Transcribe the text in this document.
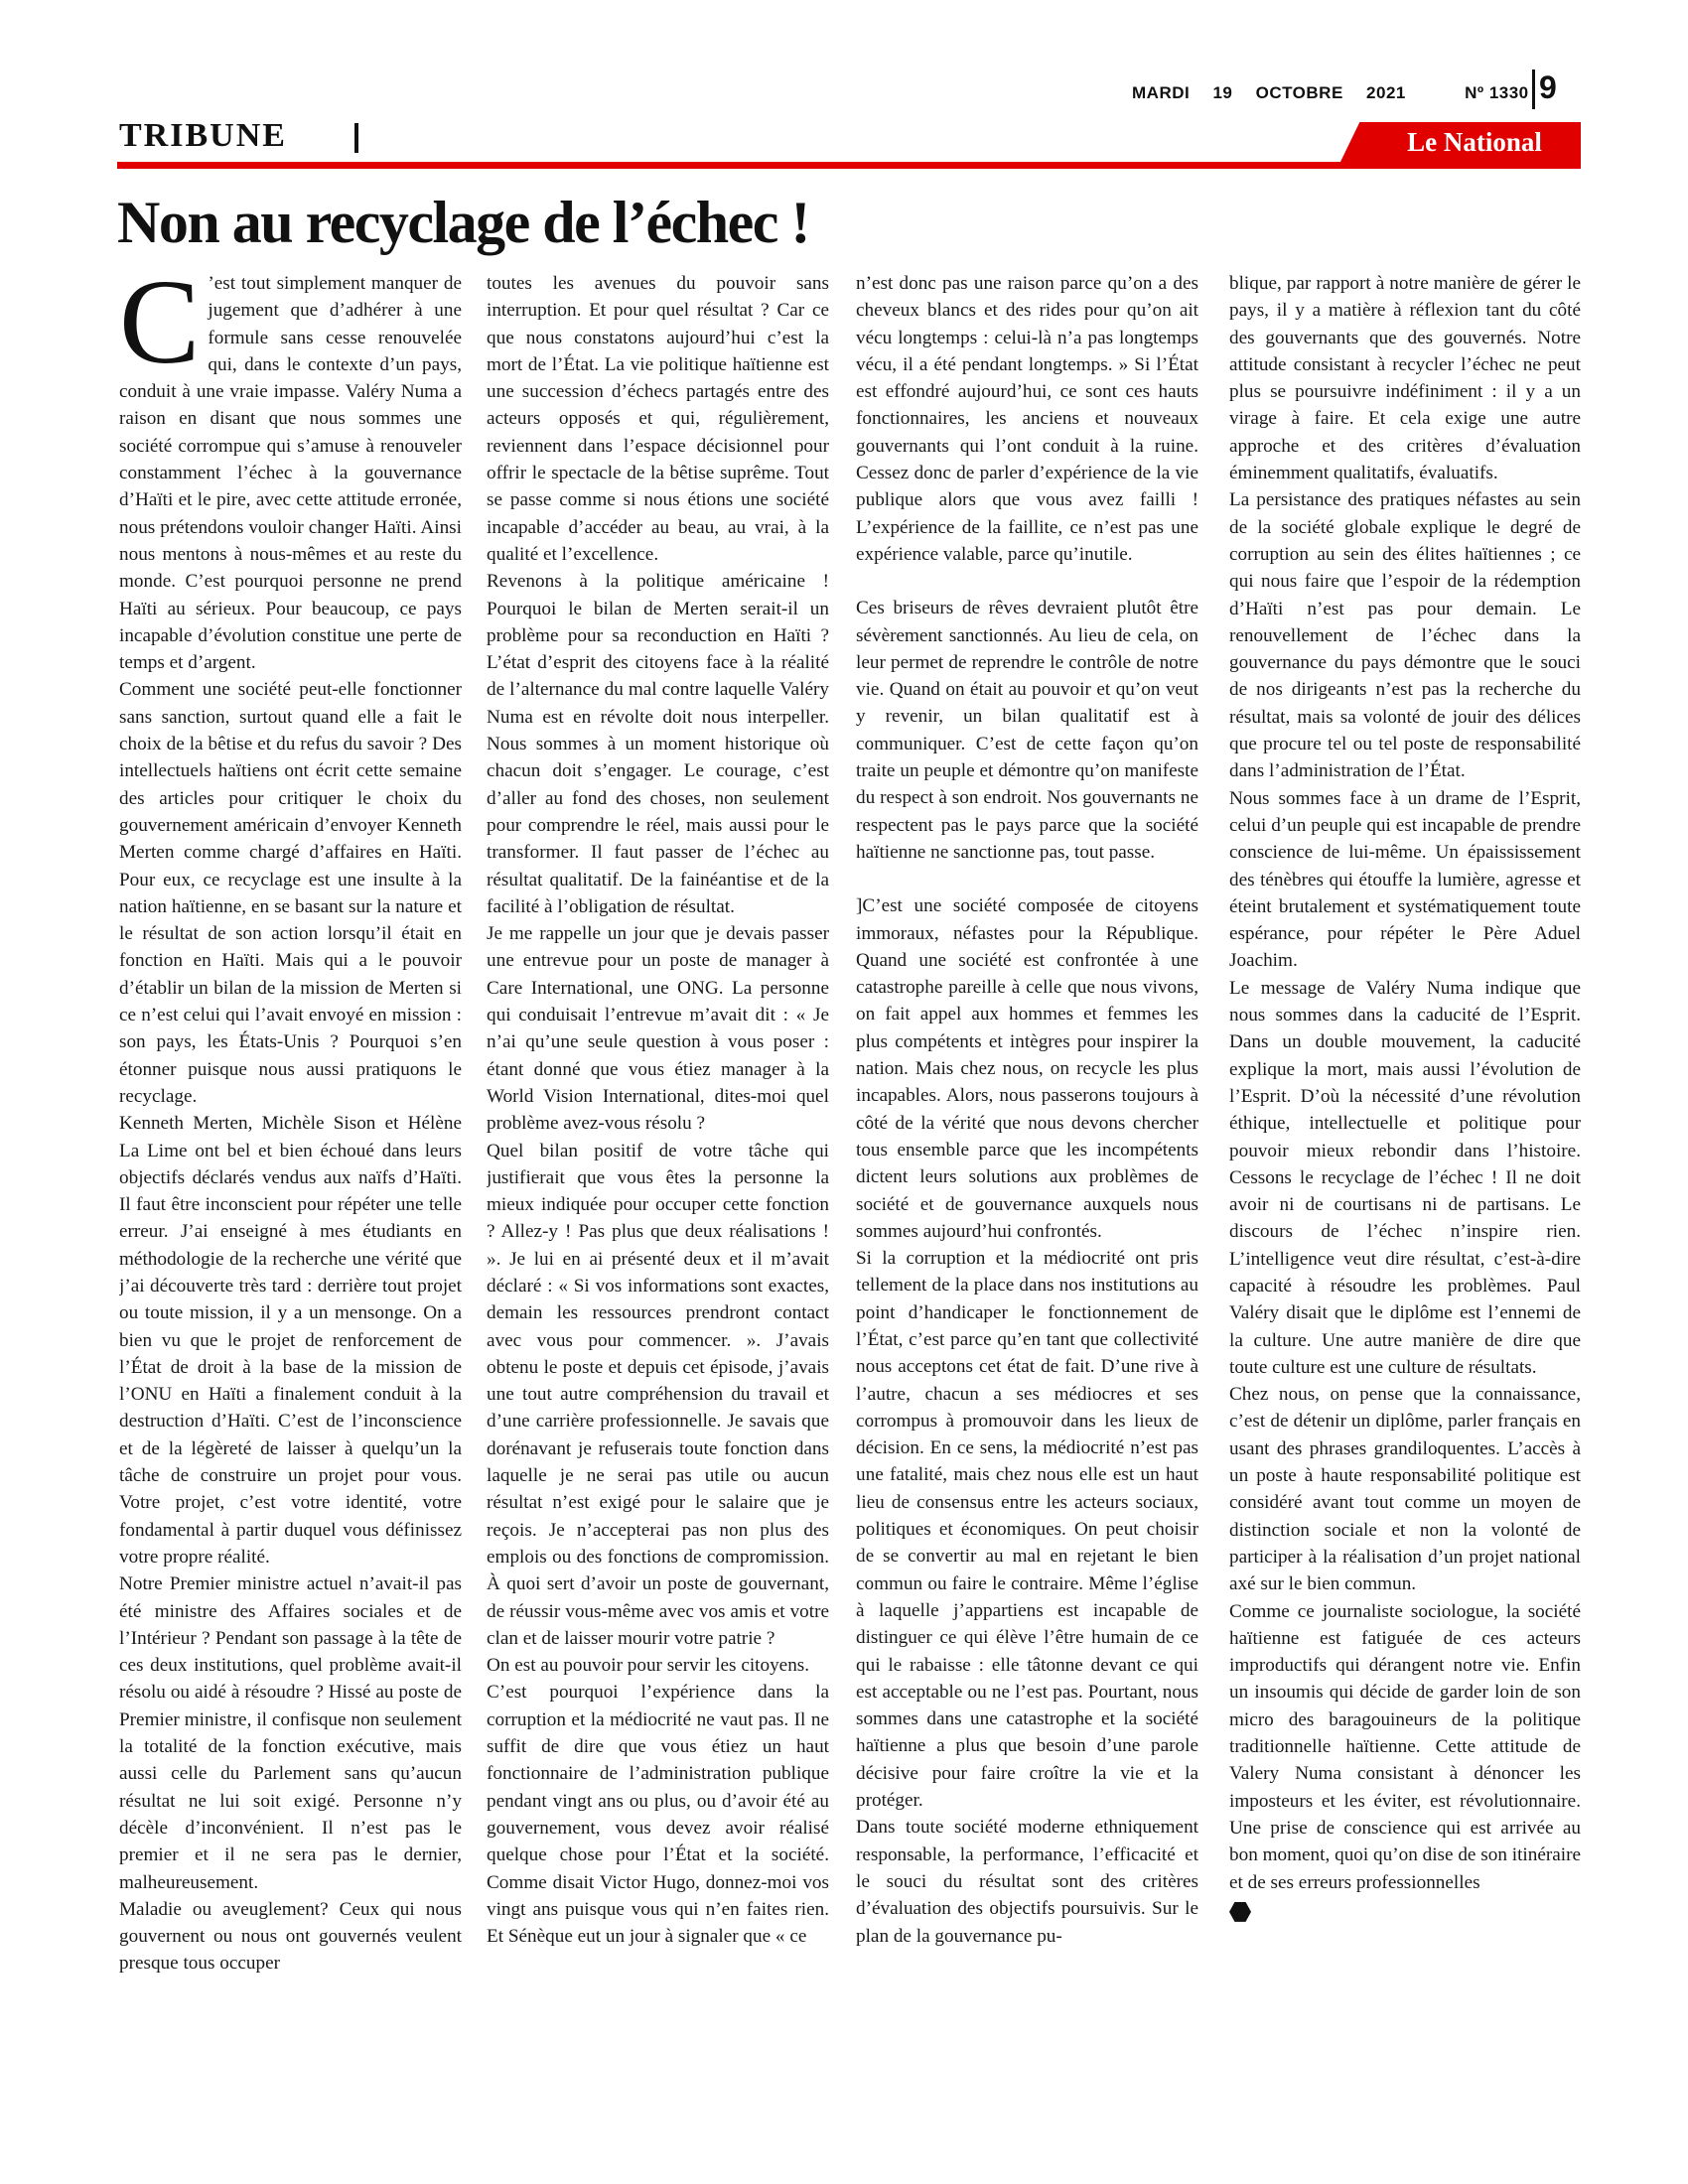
MARDI 19 OCTOBRE 2021	Nº 1330 9
TRIBUNE	Le National
Non au recyclage de l’échec !

C ’est tout simplement manquer de jugement que d’adhérer à une formule sans cesse renouvelée qui, dans le contexte d’un pays, conduit à une vraie impasse. Valéry Numa a raison en disant que nous sommes une société corrompue qui s’amuse à renouveler constamment l’échec à la gouvernance d’Haïti et le pire, avec cette attitude erronée, nous prétendons vouloir changer Haïti. Ainsi nous mentons à nous-mêmes et au reste du monde. C’est pourquoi personne ne prend Haïti au sérieux. Pour beaucoup, ce pays incapable d’évolution constitue une perte de temps et d’argent.

Comment une société peut-elle fonctionner sans sanction, surtout quand elle a fait le choix de la bêtise et du refus du savoir ? Des intellectuels haïtiens ont écrit cette semaine des articles pour critiquer le choix du gouvernement américain d’envoyer Kenneth Merten comme chargé d’affaires en Haïti. Pour eux, ce recyclage est une insulte à la nation haïtienne, en se basant sur la nature et le résultat de son action lorsqu’il était en fonction en Haïti. Mais qui a le pouvoir d’établir un bilan de la mission de Merten si ce n’est celui qui l’avait envoyé en mission : son pays, les États-Unis ? Pourquoi s’en étonner puisque nous aussi pratiquons le recyclage.

Kenneth Merten, Michèle Sison et Hélène La Lime ont bel et bien échoué dans leurs objectifs déclarés vendus aux naïfs d’Haïti. Il faut être inconscient pour répéter une telle erreur. J’ai enseigné à mes étudiants en méthodologie de la recherche une vérité que j’ai découverte très tard : derrière tout projet ou toute mission, il y a un mensonge. On a bien vu que le projet de renforcement de l’État de droit à la base de la mission de l’ONU en Haïti a finalement conduit à la destruction d’Haïti. C’est de l’inconscience et de la légèreté de laisser à quelqu’un la tâche de construire un projet pour vous. Votre projet, c’est votre identité, votre fondamental à partir duquel vous définissez votre propre réalité.

Notre Premier ministre actuel n’avait-il pas été ministre des Affaires sociales et de l’Intérieur ? Pendant son passage à la tête de ces deux institutions, quel problème avait-il résolu ou aidé à résoudre ? Hissé au poste de Premier ministre, il confisque non seulement la totalité de la fonction exécutive, mais aussi celle du Parlement sans qu’aucun résultat ne lui soit exigé. Personne n’y décèle d’inconvénient. Il n’est pas le premier et il ne sera pas le dernier, malheureusement.

Maladie ou aveuglement? Ceux qui nous gouvernent ou nous ont gouvernés veulent presque tous occuper

toutes les avenues du pouvoir sans interruption. Et pour quel résultat ? Car ce que nous constatons aujourd’hui c’est la mort de l’État. La vie politique haïtienne est une succession d’échecs partagés entre des acteurs opposés et qui, régulièrement, reviennent dans l’espace décisionnel pour offrir le spectacle de la bêtise suprême. Tout se passe comme si nous étions une société incapable d’accéder au beau, au vrai, à la qualité et l’excellence.

Revenons à la politique américaine ! Pourquoi le bilan de Merten serait-il un problème pour sa reconduction en Haïti ? L’état d’esprit des citoyens face à la réalité de l’alternance du mal contre laquelle Valéry Numa est en révolte doit nous interpeller. Nous sommes à un moment historique où chacun doit s’engager. Le courage, c’est d’aller au fond des choses, non seulement pour comprendre le réel, mais aussi pour le transformer. Il faut passer de l’échec au résultat qualitatif. De la fainéantise et de la facilité à l’obligation de résultat.

Je me rappelle un jour que je devais passer une entrevue pour un poste de manager à Care International, une ONG. La personne qui conduisait l’entrevue m’avait dit : « Je n’ai qu’une seule question à vous poser : étant donné que vous étiez manager à la World Vision International, dites-moi quel problème avez-vous résolu ?

Quel bilan positif de votre tâche qui justifierait que vous êtes la personne la mieux indiquée pour occuper cette fonction ? Allez-y ! Pas plus que deux réalisations ! ». Je lui en ai présenté deux et il m’avait déclaré : « Si vos informations sont exactes, demain les ressources prendront contact avec vous pour commencer. ». J’avais obtenu le poste et depuis cet épisode, j’avais une tout autre compréhension du travail et d’une carrière professionnelle. Je savais que dorénavant je refuserais toute fonction dans laquelle je ne serai pas utile ou aucun résultat n’est exigé pour le salaire que je reçois. Je n’accepterai pas non plus des emplois ou des fonctions de compromission. À quoi sert d’avoir un poste de gouvernant, de réussir vous-même avec vos amis et votre clan et de laisser mourir votre patrie ?

On est au pouvoir pour servir les citoyens.

C’est pourquoi l’expérience dans la corruption et la médiocrité ne vaut pas. Il ne suffit de dire que vous étiez un haut fonctionnaire de l’administration publique pendant vingt ans ou plus, ou d’avoir été au gouvernement, vous devez avoir réalisé quelque chose pour l’État et la société. Comme disait Victor Hugo, donnez-moi vos vingt ans puisque vous qui n’en faites rien. Et Sénèque eut un jour à signaler que « ce

n’est donc pas une raison parce qu’on a des cheveux blancs et des rides pour qu’on ait vécu longtemps : celui-là n’a pas longtemps vécu, il a été pendant longtemps. » Si l’État est effondré aujourd’hui, ce sont ces hauts fonctionnaires, les anciens et nouveaux gouvernants qui l’ont conduit à la ruine. Cessez donc de parler d’expérience de la vie publique alors que vous avez failli ! L’expérience de la faillite, ce n’est pas une expérience valable, parce qu’inutile.

Ces briseurs de rêves devraient plutôt être sévèrement sanctionnés. Au lieu de cela, on leur permet de reprendre le contrôle de notre vie. Quand on était au pouvoir et qu’on veut y revenir, un bilan qualitatif est à communiquer. C’est de cette façon qu’on traite un peuple et démontre qu’on manifeste du respect à son endroit. Nos gouvernants ne respectent pas le pays parce que la société haïtienne ne sanctionne pas, tout passe.

]C’est une société composée de citoyens immoraux, néfastes pour la République. Quand une société est confrontée à une catastrophe pareille à celle que nous vivons, on fait appel aux hommes et femmes les plus compétents et intègres pour inspirer la nation. Mais chez nous, on recycle les plus incapables. Alors, nous passerons toujours à côté de la vérité que nous devons chercher tous ensemble parce que les incompétents dictent leurs solutions aux problèmes de société et de gouvernance auxquels nous sommes aujourd’hui confrontés.

Si la corruption et la médiocrité ont pris tellement de la place dans nos institutions au point d’handicaper le fonctionnement de l’État, c’est parce qu’en tant que collectivité nous acceptons cet état de fait. D’une rive à l’autre, chacun a ses médiocres et ses corrompus à promouvoir dans les lieux de décision. En ce sens, la médiocrité n’est pas une fatalité, mais chez nous elle est un haut lieu de consensus entre les acteurs sociaux, politiques et économiques. On peut choisir de se convertir au mal en rejetant le bien commun ou faire le contraire. Même l’église à laquelle j’appartiens est incapable de distinguer ce qui élève l’être humain de ce qui le rabaisse : elle tâtonne devant ce qui est acceptable ou ne l’est pas. Pourtant, nous sommes dans une catastrophe et la société haïtienne a plus que besoin d’une parole décisive pour faire croître la vie et la protéger.

Dans toute société moderne ethniquement responsable, la performance, l’efficacité et le souci du résultat sont des critères d’évaluation des objectifs poursuivis. Sur le plan de la gouvernance pu-

blique, par rapport à notre manière de gérer le pays, il y a matière à réflexion tant du côté des gouvernants que des gouvernés. Notre attitude consistant à recycler l’échec ne peut plus se poursuivre indéfiniment : il y a un virage à faire. Et cela exige une autre approche et des critères d’évaluation éminemment qualitatifs, évaluatifs.

La persistance des pratiques néfastes au sein de la société globale explique le degré de corruption au sein des élites haïtiennes ; ce qui nous faire que l’espoir de la rédemption d’Haïti n’est pas pour demain. Le renouvellement de l’échec dans la gouvernance du pays démontre que le souci de nos dirigeants n’est pas la recherche du résultat, mais sa volonté de jouir des délices que procure tel ou tel poste de responsabilité dans l’administration de l’État.

Nous sommes face à un drame de l’Esprit, celui d’un peuple qui est incapable de prendre conscience de lui-même. Un épaississement des ténèbres qui étouffe la lumière, agresse et éteint brutalement et systématiquement toute espérance, pour répéter le Père Aduel Joachim.

Le message de Valéry Numa indique que nous sommes dans la caducité de l’Esprit. Dans un double mouvement, la caducité explique la mort, mais aussi l’évolution de l’Esprit. D’où la nécessité d’une révolution éthique, intellectuelle et politique pour pouvoir mieux rebondir dans l’histoire. Cessons le recyclage de l’échec ! Il ne doit avoir ni de courtisans ni de partisans. Le discours de l’échec n’inspire rien. L’intelligence veut dire résultat, c’est-à-dire capacité à résoudre les problèmes. Paul Valéry disait que le diplôme est l’ennemi de la culture. Une autre manière de dire que toute culture est une culture de résultats.

Chez nous, on pense que la connaissance, c’est de détenir un diplôme, parler français en usant des phrases grandiloquentes. L’accès à un poste à haute responsabilité politique est considéré avant tout comme un moyen de distinction sociale et non la volonté de participer à la réalisation d’un projet national axé sur le bien commun.

Comme ce journaliste sociologue, la société haïtienne est fatiguée de ces acteurs improductifs qui dérangent notre vie. Enfin un insoumis qui décide de garder loin de son micro des baragouineurs de la politique traditionnelle haïtienne. Cette attitude de Valery Numa consistant à dénoncer les imposteurs et les éviter, est révolutionnaire. Une prise de conscience qui est arrivée au bon moment, quoi qu’on dise de son itinéraire et de ses erreurs professionnelles
